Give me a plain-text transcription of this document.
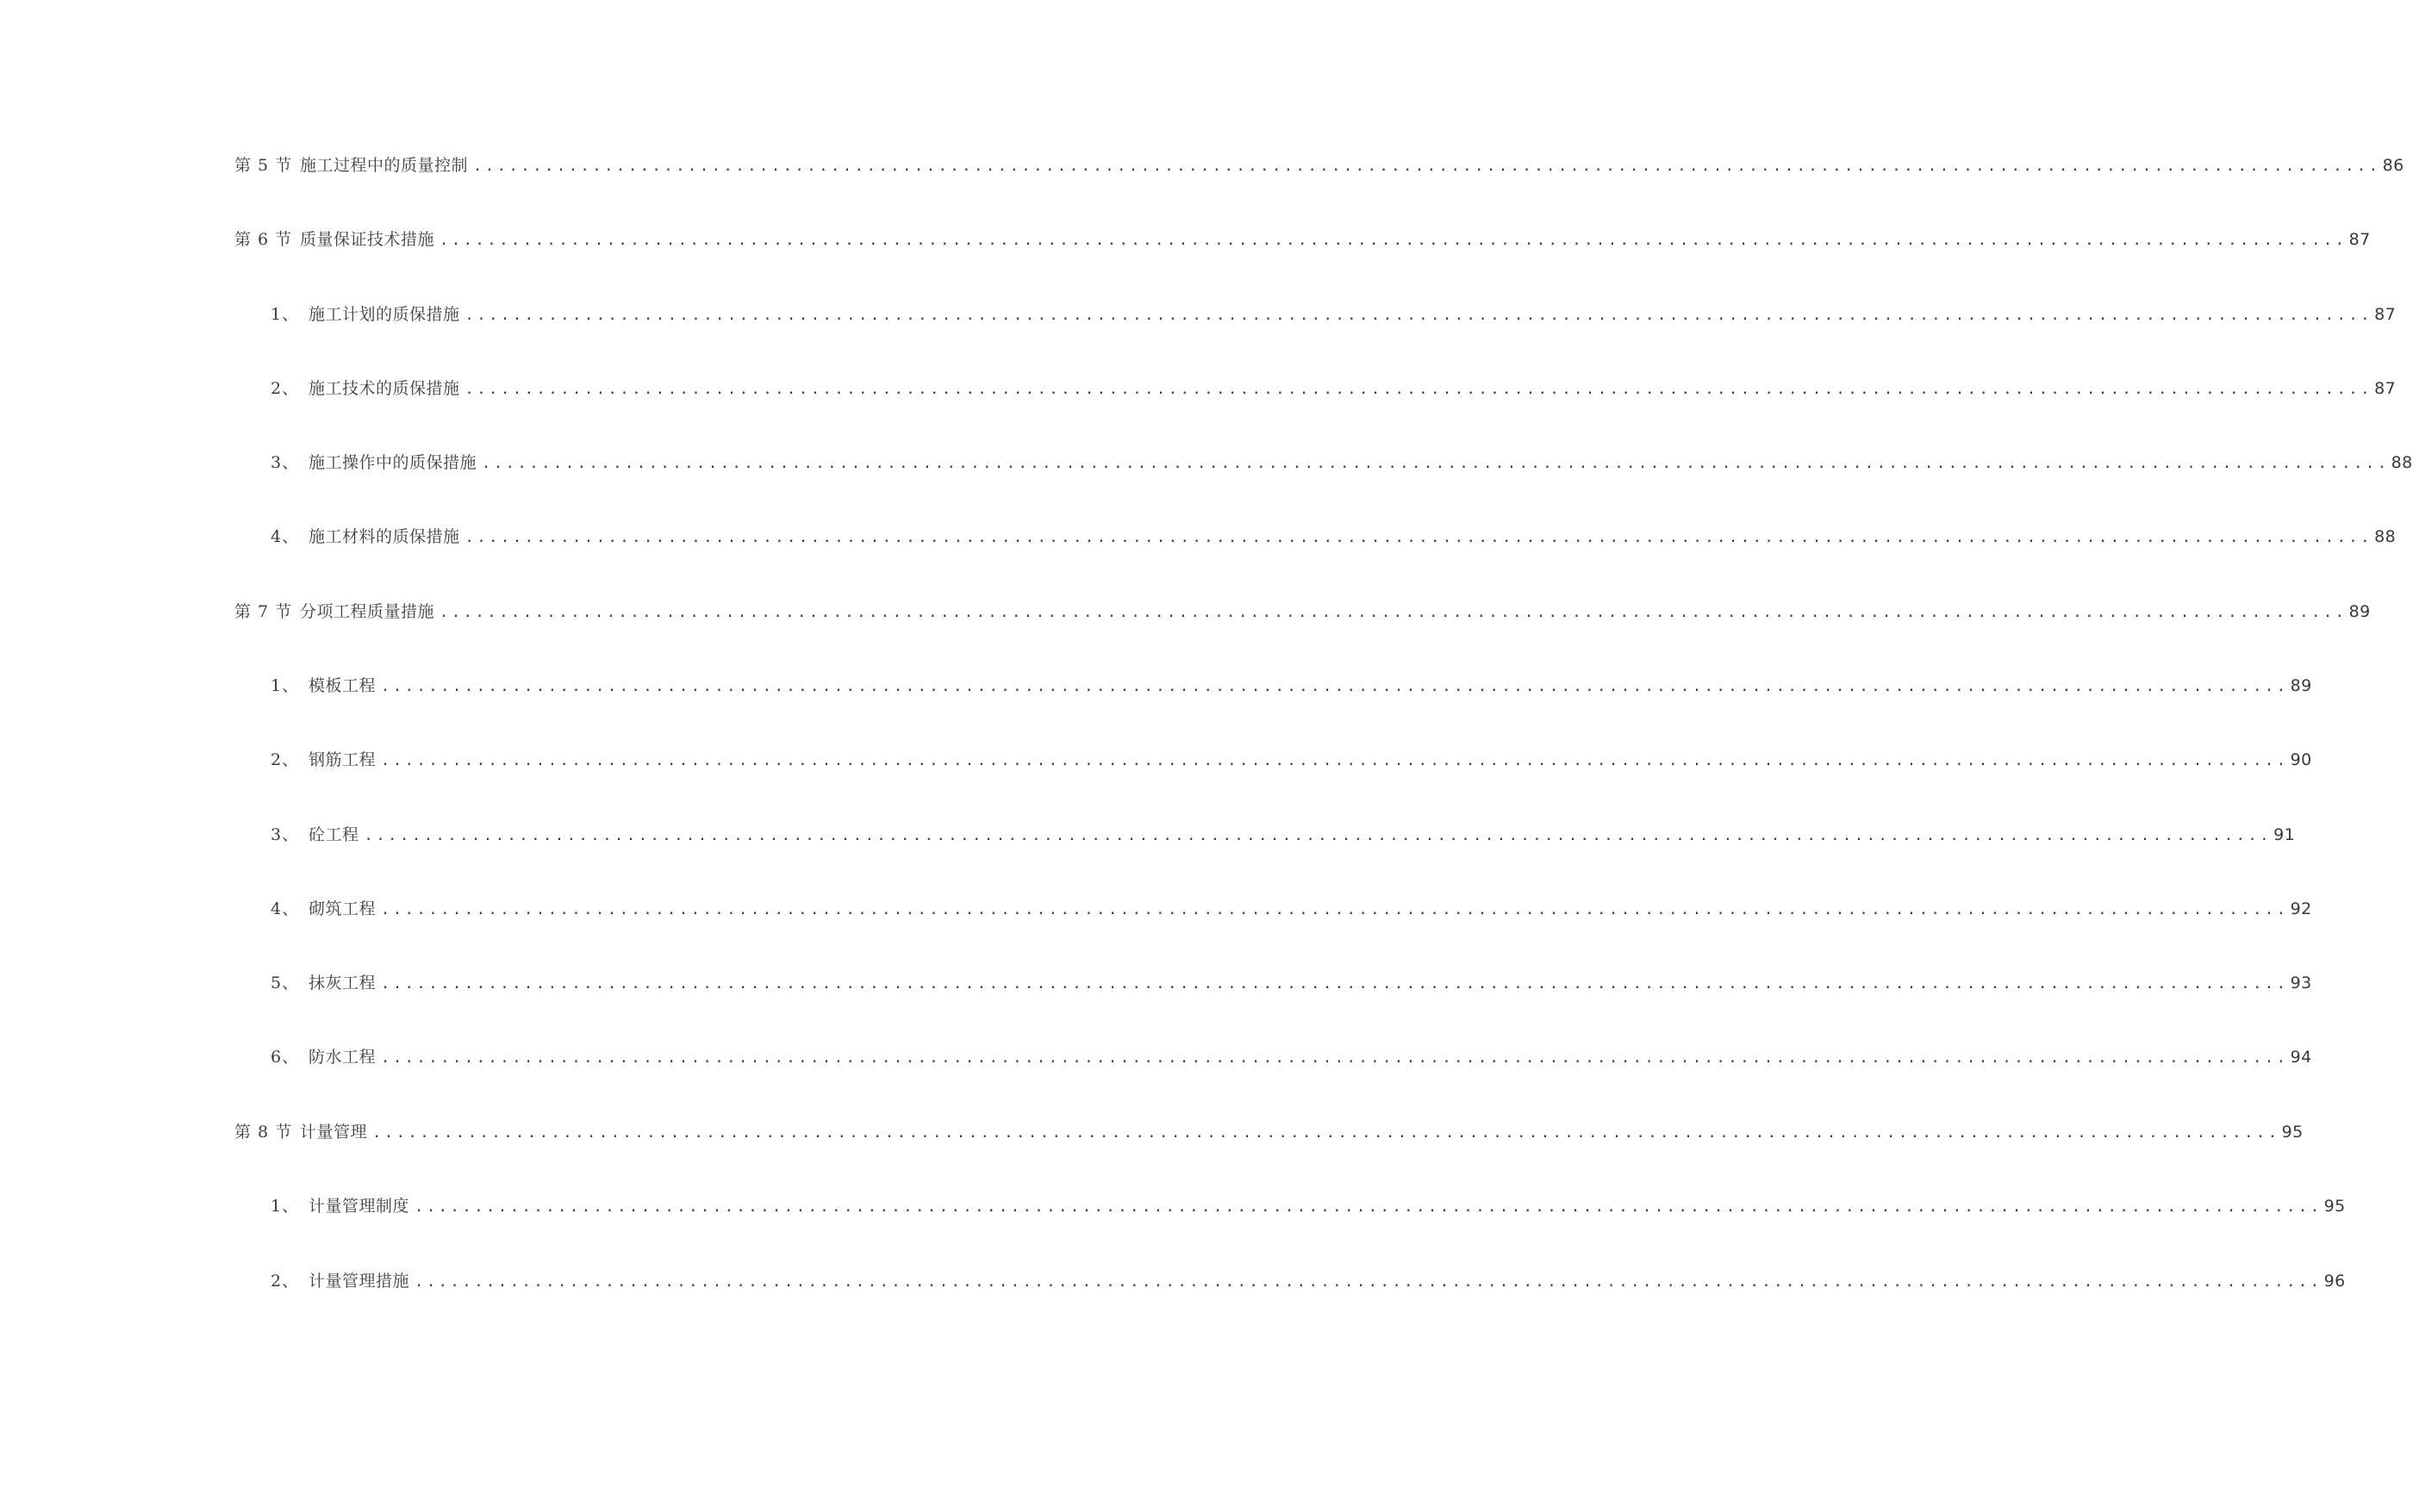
第 5 节 施工过程中的质量控制 ................................................................................................................................................................ 86
第 6 节 质量保证技术措施 ................................................................................................................................................................ 87
1、 施工计划的质保措施 ................................................................................................................................................................ 87
2、 施工技术的质保措施 ................................................................................................................................................................ 87
3、 施工操作中的质保措施 ................................................................................................................................................................ 88
4、 施工材料的质保措施 ................................................................................................................................................................ 88
第 7 节 分项工程质量措施 ................................................................................................................................................................ 89
1、 模板工程 ................................................................................................................................................................ 89
2、 钢筋工程 ................................................................................................................................................................ 90
3、 砼工程 ................................................................................................................................................................ 91
4、 砌筑工程 ................................................................................................................................................................ 92
5、 抹灰工程 ................................................................................................................................................................ 93
6、 防水工程 ................................................................................................................................................................ 94
第 8 节 计量管理 ................................................................................................................................................................ 95
1、 计量管理制度 ................................................................................................................................................................ 95
2、 计量管理措施 ................................................................................................................................................................ 96
